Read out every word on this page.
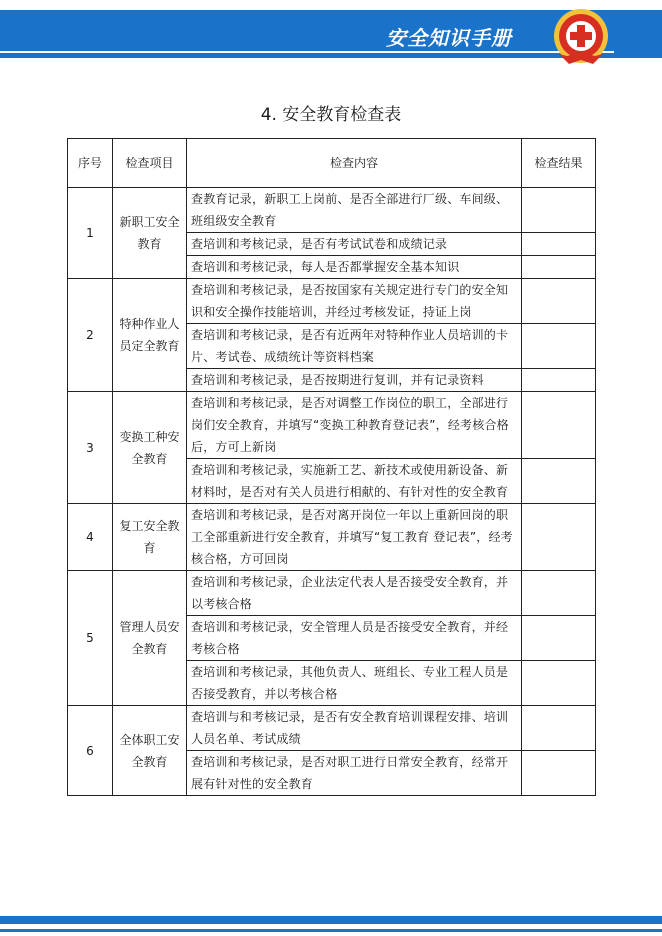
安全知识手册
4. 安全教育检查表
序号	检查项目	检查内容	检查结果
1	新职工安全教育	查教育记录，新职工上岗前、是否全部进行厂级、车间级、班组级安全教育	
		查培训和考核记录，是否有考试试卷和成绩记录	
		查培训和考核记录，每人是否都掌握安全基本知识	
2	特种作业人员定全教育	查培训和考核记录，是否按国家有关规定进行专门的安全知识和安全操作技能培训，并经过考核发证，持证上岗	
		查培训和考核记录，是否有近两年对特种作业人员培训的卡片、考试卷、成绩统计等资料档案	
		查培训和考核记录，是否按期进行复训，并有记录资料	
3	变换工种安全教育	查培训和考核记录，是否对调整工作岗位的职工，全部进行岗们安全教育，并填写“变换工种教育登记表”，经考核合格后，方可上新岗	
		查培训和考核记录，实施新工艺、新技术或使用新设备、新材料时，是否对有关人员进行相献的、有针对性的安全教育	
4	复工安全教育	查培训和考核记录，是否对离开岗位一年以上重新回岗的职工全部重新进行安全教育，并填写“复工教育 登记表”，经考核合格，方可回岗	
5	管理人员安全教育	查培训和考核记录，企业法定代表人是否接受安全教育，并以考核合格	
		查培训和考核记录，安全管理人员是否接受安全教育，并经考核合格	
		查培训和考核记录，其他负责人、班组长、专业工程人员是否接受教育，并以考核合格	
6	全体职工安全教育	查培训与和考核记录，是否有安全教育培训课程安排、培训人员名单、考试成绩	
		查培训和考核记录，是否对职工进行日常安全教育，经常开展有针对性的安全教育	
